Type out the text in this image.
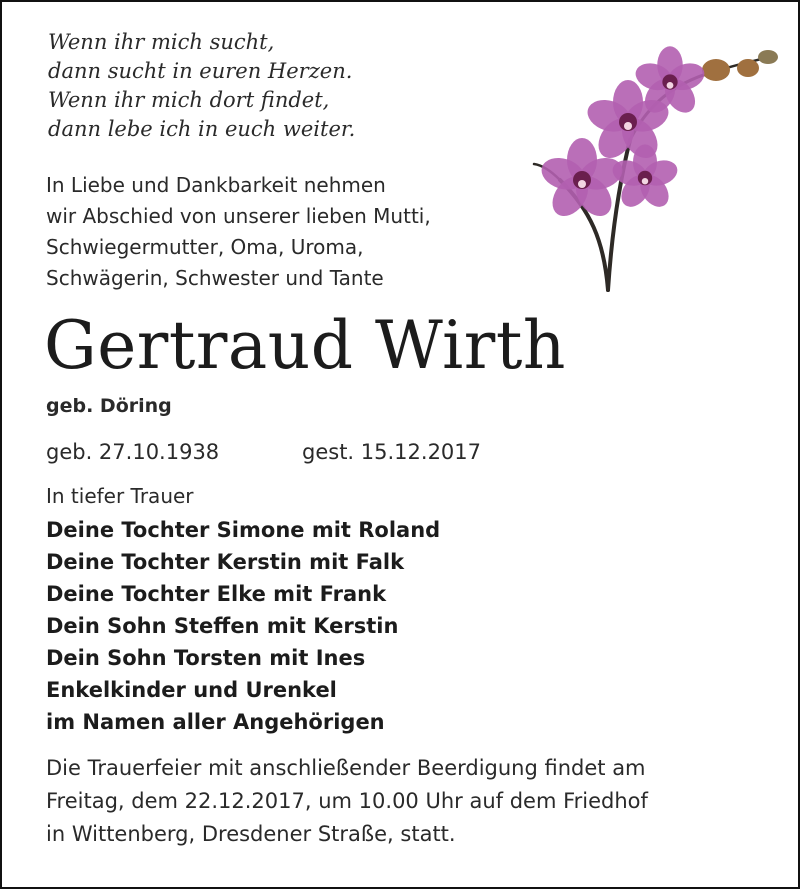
Wenn ihr mich sucht,
dann sucht in euren Herzen.
Wenn ihr mich dort findet,
dann lebe ich in euch weiter.
In Liebe und Dankbarkeit nehmen
wir Abschied von unserer lieben Mutti,
Schwiegermutter, Oma, Uroma,
Schwägerin, Schwester und Tante
Gertraud Wirth
geb. Döring
geb. 27.10.1938	gest. 15.12.2017
In tiefer Trauer
Deine Tochter Simone mit Roland
Deine Tochter Kerstin mit Falk
Deine Tochter Elke mit Frank
Dein Sohn Steffen mit Kerstin
Dein Sohn Torsten mit Ines
Enkelkinder und Urenkel
im Namen aller Angehörigen
Die Trauerfeier mit anschließender Beerdigung findet am
Freitag, dem 22.12.2017, um 10.00 Uhr auf dem Friedhof
in Wittenberg, Dresdener Straße, statt.
